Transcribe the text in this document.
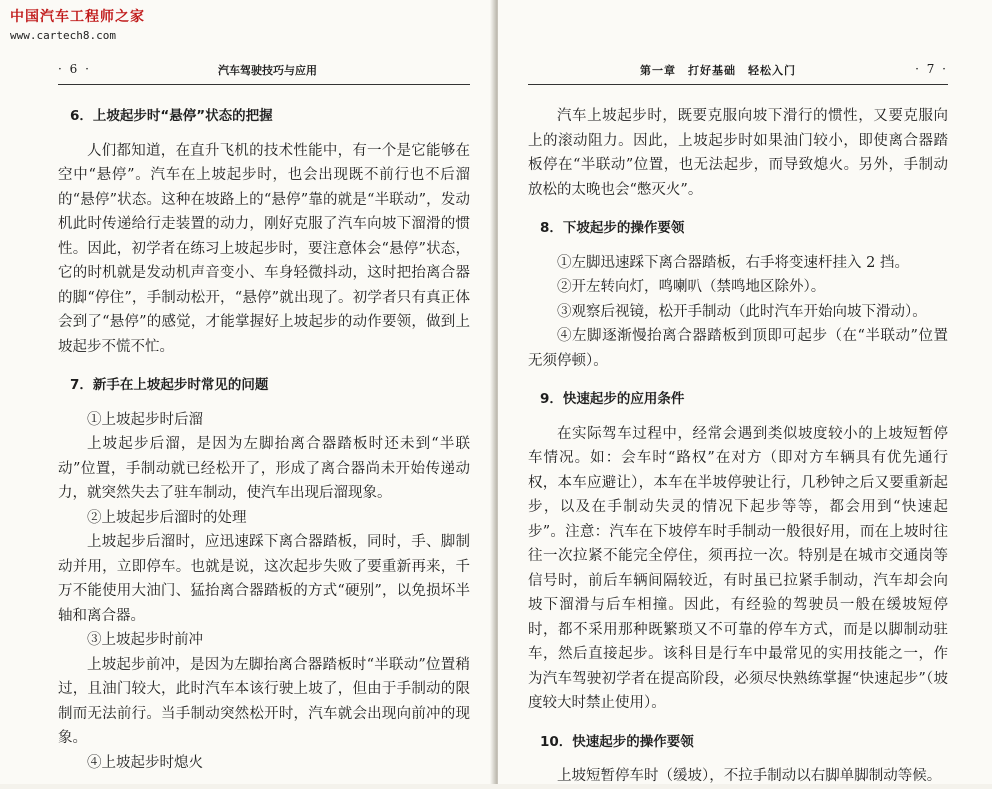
中国汽车工程师之家
www.cartech8.com
· 6 ·	汽车驾驶技巧与应用
6．上坡起步时“悬停”状态的把握

人们都知道，在直升飞机的技术性能中，有一个是它能够在空中“悬停”。汽车在上坡起步时，也会出现既不前行也不后溜的“悬停”状态。这种在坡路上的“悬停”靠的就是“半联动”，发动机此时传递给行走装置的动力，刚好克服了汽车向坡下溜滑的惯性。因此，初学者在练习上坡起步时，要注意体会“悬停”状态，它的时机就是发动机声音变小、车身轻微抖动，这时把抬离合器的脚“停住”，手制动松开，“悬停”就出现了。初学者只有真正体会到了“悬停”的感觉，才能掌握好上坡起步的动作要领，做到上坡起步不慌不忙。

7．新手在上坡起步时常见的问题

①上坡起步时后溜

上坡起步后溜，是因为左脚抬离合器踏板时还未到“半联动”位置，手制动就已经松开了，形成了离合器尚未开始传递动力，就突然失去了驻车制动，使汽车出现后溜现象。

②上坡起步后溜时的处理

上坡起步后溜时，应迅速踩下离合器踏板，同时，手、脚制动并用，立即停车。也就是说，这次起步失败了要重新再来，千万不能使用大油门、猛抬离合器踏板的方式“硬别”，以免损坏半轴和离合器。

③上坡起步时前冲

上坡起步前冲，是因为左脚抬离合器踏板时“半联动”位置稍过，且油门较大，此时汽车本该行驶上坡了，但由于手制动的限制而无法前行。当手制动突然松开时，汽车就会出现向前冲的现象。

④上坡起步时熄火

第一章　打好基础　轻松入门	· 7 ·

汽车上坡起步时，既要克服向坡下滑行的惯性，又要克服向上的滚动阻力。因此，上坡起步时如果油门较小，即使离合器踏板停在“半联动”位置，也无法起步，而导致熄火。另外，手制动放松的太晚也会“憋灭火”。

8．下坡起步的操作要领

①左脚迅速踩下离合器踏板，右手将变速杆挂入 2 挡。

②开左转向灯，鸣喇叭（禁鸣地区除外）。

③观察后视镜，松开手制动（此时汽车开始向坡下滑动）。

④左脚逐渐慢抬离合器踏板到顶即可起步（在“半联动”位置无须停顿）。

9．快速起步的应用条件

在实际驾车过程中，经常会遇到类似坡度较小的上坡短暂停车情况。如：会车时“路权”在对方（即对方车辆具有优先通行权，本车应避让），本车在半坡停驶让行，几秒钟之后又要重新起步，以及在手制动失灵的情况下起步等等，都会用到“快速起步”。注意：汽车在下坡停车时手制动一般很好用，而在上坡时往往一次拉紧不能完全停住，须再拉一次。特别是在城市交通岗等信号时，前后车辆间隔较近，有时虽已拉紧手制动，汽车却会向坡下溜滑与后车相撞。因此，有经验的驾驶员一般在缓坡短停时，都不采用那种既繁琐又不可靠的停车方式，而是以脚制动驻车，然后直接起步。该科目是行车中最常见的实用技能之一，作为汽车驾驶初学者在提高阶段，必须尽快熟练掌握“快速起步”（坡度较大时禁止使用）。

10．快速起步的操作要领

上坡短暂停车时（缓坡），不拉手制动以右脚单脚制动等候。
